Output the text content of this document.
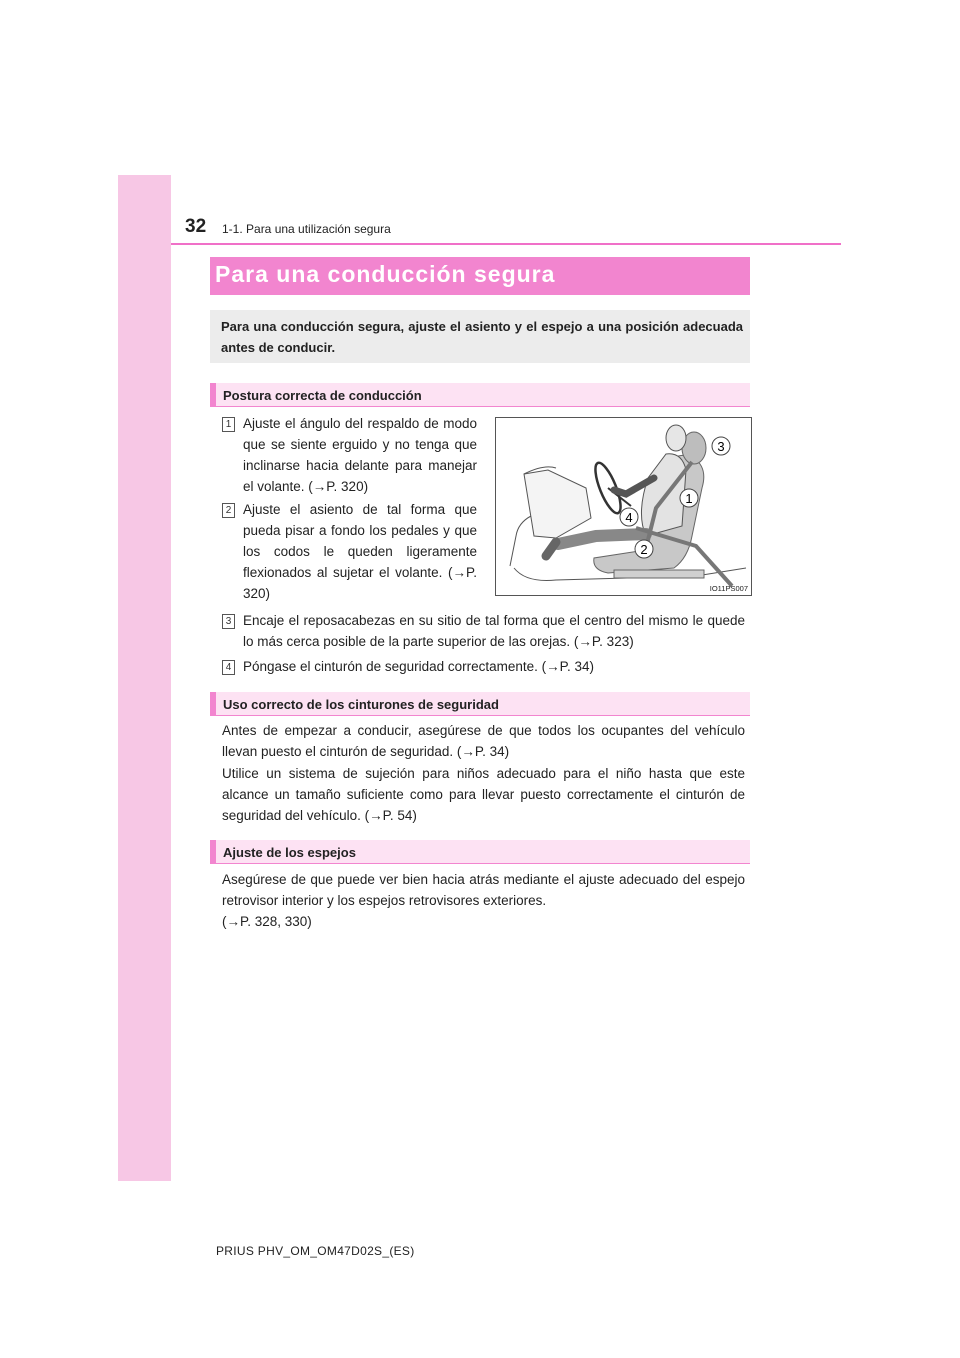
32 1-1. Para una utilización segura
Para una conducción segura
Para una conducción segura, ajuste el asiento y el espejo a una posición adecuada antes de conducir.
Postura correcta de conducción
1 Ajuste el ángulo del respaldo de modo que se siente erguido y no tenga que inclinarse hacia delante para manejar el volante. (→P. 320)
2 Ajuste el asiento de tal forma que pueda pisar a fondo los pedales y que los codos le queden ligeramente flexionados al sujetar el volante. (→P. 320)
3 Encaje el reposacabezas en su sitio de tal forma que el centro del mismo le quede lo más cerca posible de la parte superior de las orejas. (→P. 323)
4 Póngase el cinturón de seguridad correctamente. (→P. 34)
3
1
4
2
IO11PS007
Uso correcto de los cinturones de seguridad
Antes de empezar a conducir, asegúrese de que todos los ocupantes del vehículo llevan puesto el cinturón de seguridad. (→P. 34)
Utilice un sistema de sujeción para niños adecuado para el niño hasta que este alcance un tamaño suficiente como para llevar puesto correctamente el cinturón de seguridad del vehículo. (→P. 54)
Ajuste de los espejos
Asegúrese de que puede ver bien hacia atrás mediante el ajuste adecuado del espejo retrovisor interior y los espejos retrovisores exteriores.
(→P. 328, 330)
PRIUS PHV_OM_OM47D02S_(ES)
